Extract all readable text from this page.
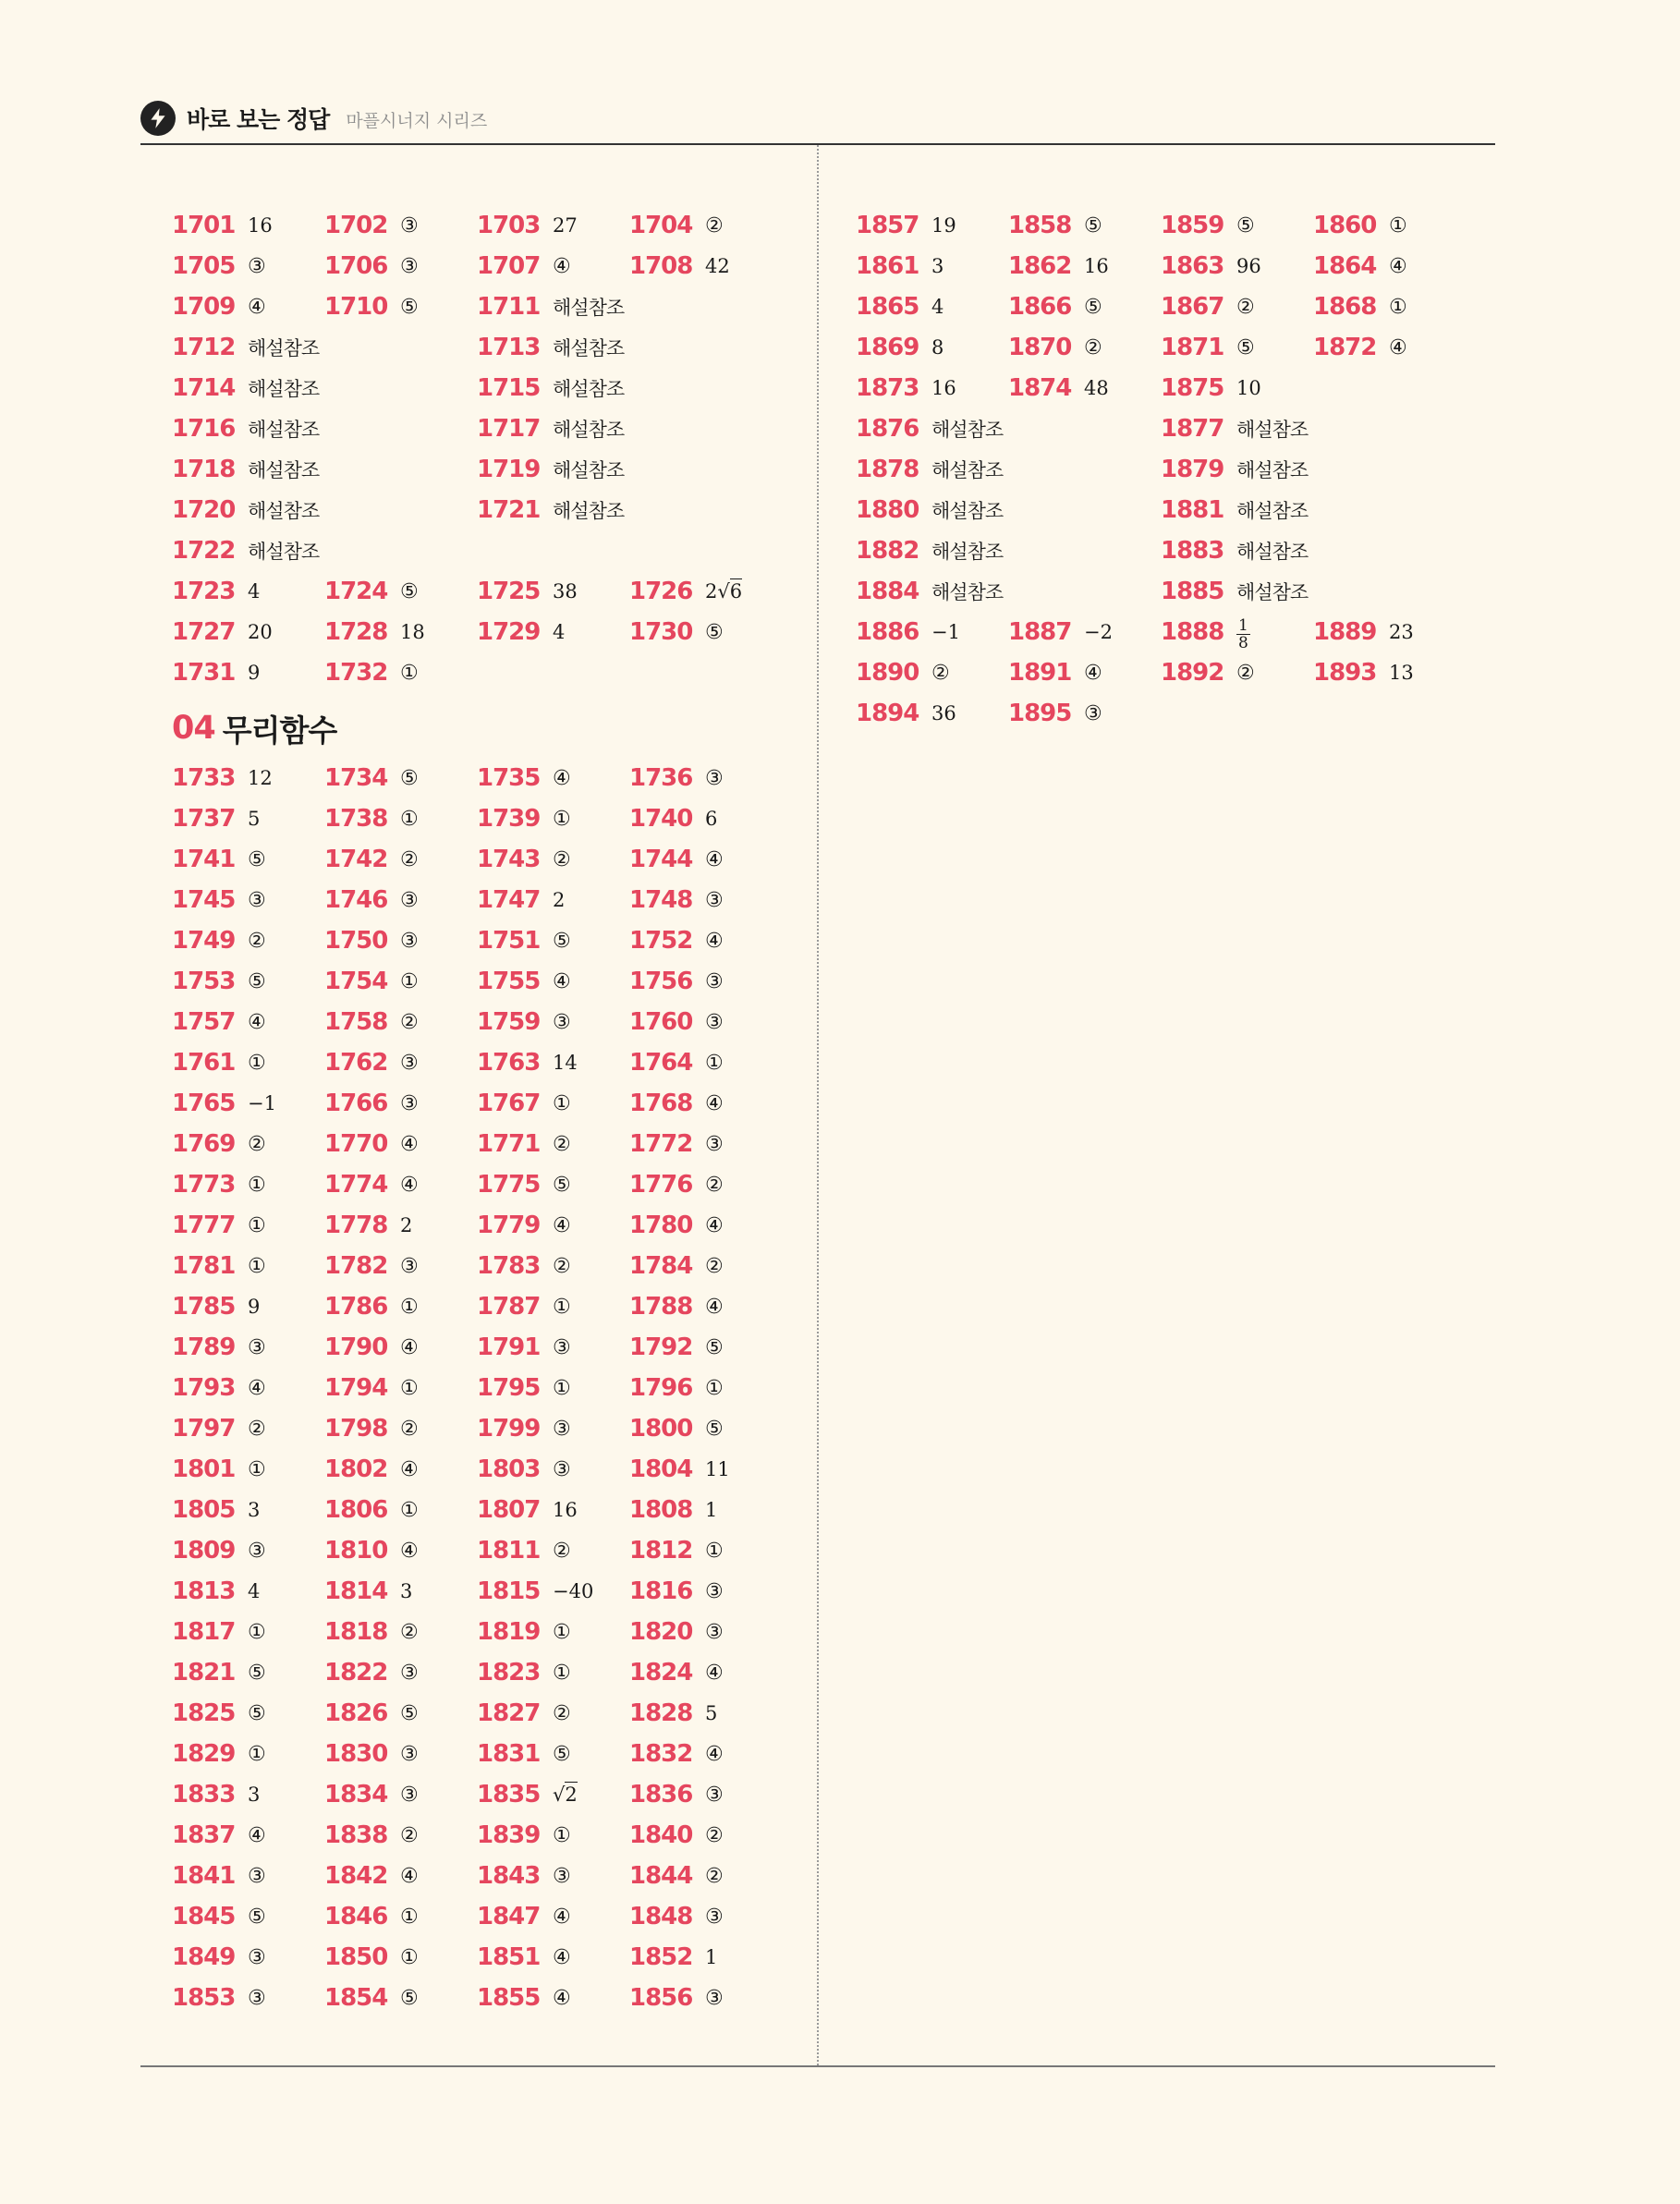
바로 보는 정답 마플시너지 시리즈
1701 16 1702 ③ 1703 27 1704 ②
1705 ③ 1706 ③ 1707 ④ 1708 42
1709 ④ 1710 ⑤ 1711 해설참조
1712 해설참조	1713 해설참조
1714 해설참조	1715 해설참조
1716 해설참조	1717 해설참조
1718 해설참조	1719 해설참조
1720 해설참조	1721 해설참조
1722 해설참조
1723 4	1724 ⑤ 1725 38 1726 2√6
1727 20 1728 18 1729 4	1730 ⑤
1731 9	1732 ①
04 무리함수
1733 12 1734 ⑤ 1735 ④ 1736 ③
1737 5	1738 ① 1739 ① 1740 6
1741 ⑤ 1742 ② 1743 ② 1744 ④
1745 ③ 1746 ③ 1747 2	1748 ③
1749 ② 1750 ③ 1751 ⑤ 1752 ④
1753 ⑤ 1754 ① 1755 ④ 1756 ③
1757 ④ 1758 ② 1759 ③ 1760 ③
1761 ① 1762 ③ 1763 14 1764 ①
1765 −1 1766 ③ 1767 ① 1768 ④
1769 ② 1770 ④ 1771 ② 1772 ③
1773 ① 1774 ④ 1775 ⑤ 1776 ②
1777 ① 1778 2	1779 ④ 1780 ④
1781 ① 1782 ③ 1783 ② 1784 ②
1785 9	1786 ① 1787 ① 1788 ④
1789 ③ 1790 ④ 1791 ③ 1792 ⑤
1793 ④ 1794 ① 1795 ① 1796 ①
1797 ② 1798 ② 1799 ③ 1800 ⑤
1801 ① 1802 ④ 1803 ③ 1804 11
1805 3	1806 ① 1807 16 1808 1
1809 ③ 1810 ④ 1811 ② 1812 ①
1813 4	1814 3	1815 −40 1816 ③
1817 ① 1818 ② 1819 ① 1820 ③
1821 ⑤ 1822 ③ 1823 ① 1824 ④
1825 ⑤ 1826 ⑤ 1827 ② 1828 5
1829 ① 1830 ③ 1831 ⑤ 1832 ④
1833 3	1834 ③ 1835 √2 1836 ③
1837 ④ 1838 ② 1839 ① 1840 ②
1841 ③ 1842 ④ 1843 ③ 1844 ②
1845 ⑤ 1846 ① 1847 ④ 1848 ③
1849 ③ 1850 ① 1851 ④ 1852 1
1853 ③ 1854 ⑤ 1855 ④ 1856 ③
1857 19 1858 ⑤ 1859 ⑤ 1860 ①
1861 3	1862 16 1863 96 1864 ④
1865 4	1866 ⑤ 1867 ② 1868 ①
1869 8	1870 ② 1871 ⑤ 1872 ④
1873 16 1874 48 1875 10
1876 해설참조	1877 해설참조
1878 해설참조	1879 해설참조
1880 해설참조	1881 해설참조
1882 해설참조	1883 해설참조
1884 해설참조	1885 해설참조
1886 −1 1887 −2 $1888 \frac{1}{8}$	1889 23
1890 ② 1891 ④ 1892 ② 1893 13
1894 36 1895 ③
